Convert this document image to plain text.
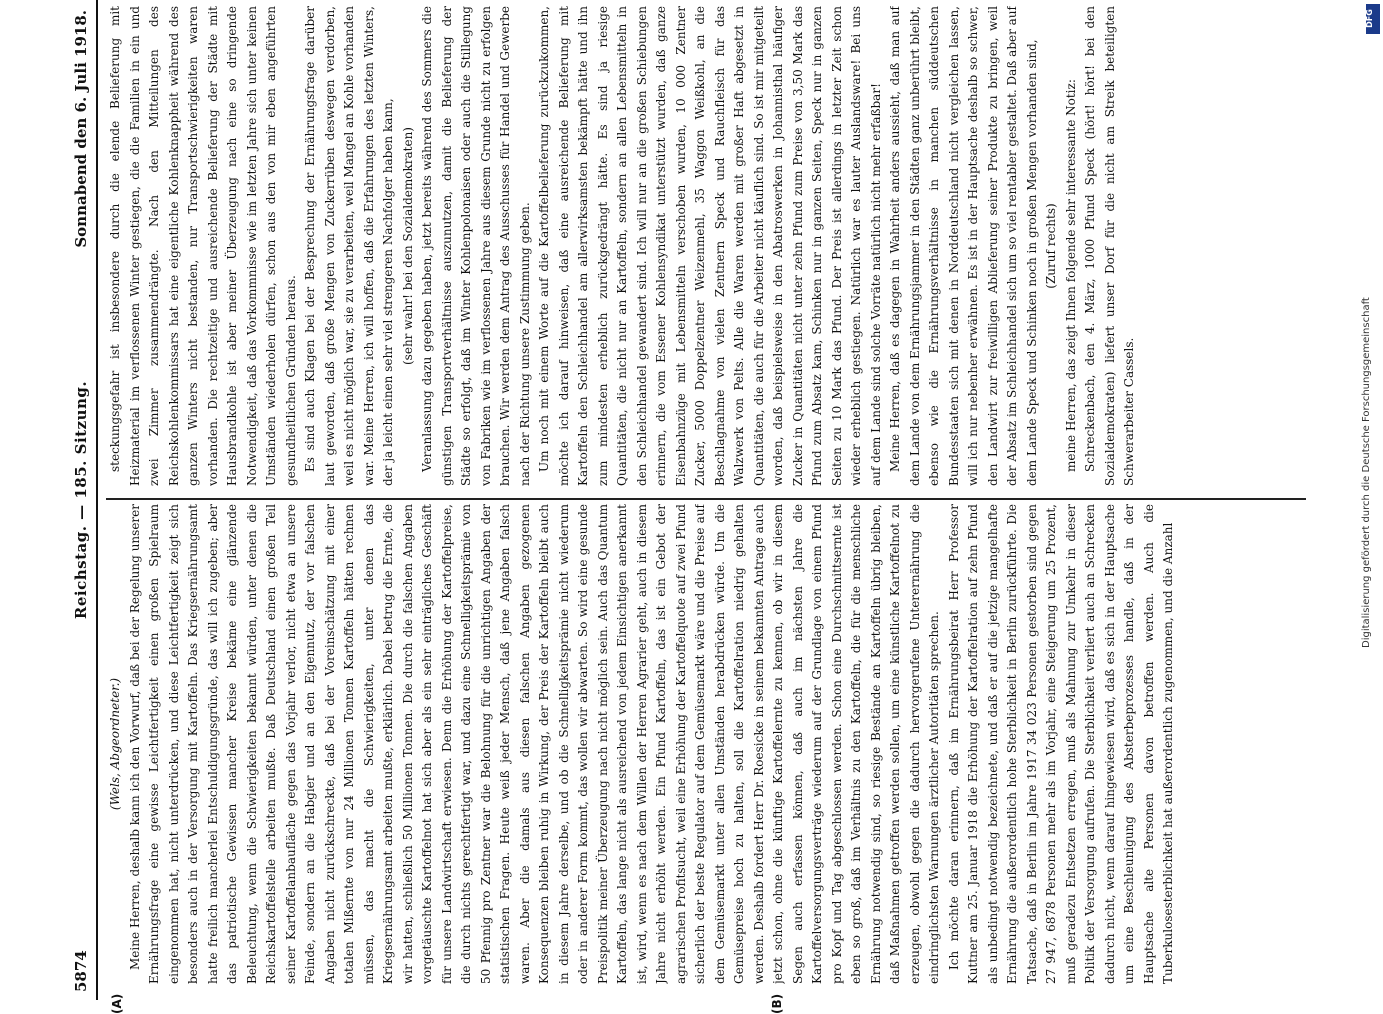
5874
Reichstag. — 185. Sitzung.
Sonnabend den 6. Juli 1918.
(A)	(B)

(Wels, Abgeordneter.) Meine Herren, deshalb kann ich den Vorwurf, daß bei der Regelung unserer Ernährungsfrage eine gewisse Leichtfertigkeit einen großen Spielraum eingenommen hat, nicht unterdrücken, und diese Leichtfertigkeit zeigt sich besonders auch in der Versorgung mit Kartoffeln. Das Kriegsernährungsamt hatte freilich mancherlei Entschuldigungsgründe, das will ich zugeben; aber das patriotische Gewissen mancher Kreise bekäme eine glänzende Beleuchtung, wenn die Schwierigkeiten bekannt würden, unter denen die Reichskartoffelstelle arbeiten mußte. Daß Deutschland einen großen Teil seiner Kartoffelanbaufläche gegen das Vorjahr verlor, nicht etwa an unsere Feinde, sondern an die Habgier und an den Eigennutz, der vor falschen Angaben nicht zurückschreckte, daß bei der Voreinschätzung mit einer totalen Mißernte von nur 24 Millionen Tonnen Kartoffeln hätten rechnen müssen, das macht die Schwierigkeiten, unter denen das Kriegsernährungsamt arbeiten mußte, erklärlich. Dabei betrug die Ernte, die wir hatten, schließlich 50 Millionen Tonnen. Die durch die falschen Angaben vorgetäuschte Kartoffelnot hat sich aber als ein sehr einträgliches Geschäft für unsere Landwirtschaft erwiesen. Denn die Erhöhung der Kartoffelpreise, die durch nichts gerechtfertigt war, und dazu eine Schnelligkeitsprämie von 50 Pfennig pro Zentner war die Belohnung für die unrichtigen Angaben der statistischen Fragen. Heute weiß jeder Mensch, daß jene Angaben falsch waren. Aber die damals aus diesen falschen Angaben gezogenen Konsequenzen bleiben ruhig in Wirkung, der Preis der Kartoffeln bleibt auch in diesem Jahre derselbe, und ob die Schnelligkeitsprämie nicht wiederum oder in anderer Form kommt, das wollen wir abwarten. So wird eine gesunde Preispolitik meiner Überzeugung nach nicht möglich sein. Auch das Quantum Kartoffeln, das lange nicht als ausreichend von jedem Einsichtigen anerkannt ist, wird, wenn es nach dem Willen der Herren Agrarier geht, auch in diesem Jahre nicht erhöht werden. Ein Pfund Kartoffeln, das ist ein Gebot der agrarischen Profitsucht, weil eine Erhöhung der Kartoffelquote auf zwei Pfund sicherlich der beste Regulator auf dem Gemüsemarkt wäre und die Preise auf dem Gemüsemarkt unter allen Umständen herabdrücken würde. Um die Gemüsepreise hoch zu halten, soll die Kartoffelration niedrig gehalten werden. Deshalb fordert Herr Dr. Roesicke in seinem bekannten Antrage auch jetzt schon, ohne die künftige Kartoffelernte zu kennen, ob wir in diesem Segen auch erfassen können, daß auch im nächsten Jahre die Kartoffelversorgungsverträge wiederum auf der Grundlage von einem Pfund pro Kopf und Tag abgeschlossen werden. Schon eine Durchschnittsernte ist eben so groß, daß im Verhältnis zu den Kartoffeln, die für die menschliche Ernährung notwendig sind, so riesige Bestände an Kartoffeln übrig bleiben, daß Maßnahmen getroffen werden sollen, um eine künstliche Kartoffelnot zu erzeugen, obwohl gegen die dadurch hervorgerufene Unterernährung die eindringlichsten Warnungen ärztlicher Autoritäten sprechen. Ich möchte daran erinnern, daß im Ernährungsbeirat Herr Professor Kuttner am 25. Januar 1918 die Erhöhung der Kartoffelration auf zehn Pfund als unbedingt notwendig bezeichnete, und daß er auf die jetzige mangelhafte Ernährung die außerordentlich hohe Sterblichkeit in Berlin zurückführte. Die Tatsache, daß in Berlin im Jahre 1917 34 023 Personen gestorben sind gegen 27 947, 6878 Personen mehr als im Vorjahr, eine Steigerung um 25 Prozent, muß geradezu Entsetzen erregen, muß als Mahnung zur Umkehr in dieser Politik der Versorgung aufrufen. Die Sterblichkeit verliert auch an Schrecken dadurch nicht, wenn darauf hingewiesen wird, daß es sich in der Hauptsache um eine Beschleunigung des Absterbeprozesses handle, daß in der Hauptsache alte Personen davon betroffen werden. Auch die Tuberkulosesterblichkeit hat außerordentlich zugenommen, und die Anzahl

steckungsgefahr ist insbesondere durch die elende Belieferung mit Heizmaterial im verflossenen Winter gestiegen, die die Familien in ein und zwei Zimmer zusammendrängte. Nach den Mitteilungen des Reichskohlenkommissars hat eine eigentliche Kohlenknappheit während des ganzen Winters nicht bestanden, nur Transportschwierigkeiten waren vorhanden. Die rechtzeitige und ausreichende Belieferung der Städte mit Hausbrandkohle ist aber meiner Überzeugung nach eine so dringende Notwendigkeit, daß das Vorkommnisse wie im letzten Jahre sich unter keinen Umständen wiederholen dürfen, schon aus den von mir eben angeführten gesundheitlichen Gründen heraus. Es sind auch Klagen bei der Besprechung der Ernährungsfrage darüber laut geworden, daß große Mengen von Zuckerrüben deswegen verdorben, weil es nicht möglich war, sie zu verarbeiten, weil Mangel an Kohle vorhanden war. Meine Herren, ich will hoffen, daß die Erfahrungen des letzten Winters, der ja leicht einen sehr viel strengeren Nachfolger haben kann, (sehr wahr! bei den Sozialdemokraten) Veranlassung dazu gegeben haben, jetzt bereits während des Sommers die günstigen Transportverhältnisse auszunutzen, damit die Belieferung der Städte so erfolgt, daß im Winter Kohlenpolonaisen oder auch die Stillegung von Fabriken wie im verflossenen Jahre aus diesem Grunde nicht zu erfolgen brauchen. Wir werden dem Antrag des Ausschusses für Handel und Gewerbe nach der Richtung unsere Zustimmung geben. Um noch mit einem Worte auf die Kartoffelbelieferung zurückzukommen, möchte ich darauf hinweisen, daß eine ausreichende Belieferung mit Kartoffeln den Schleichhandel am allerwirksamsten bekämpft hätte und ihn zum mindesten erheblich zurückgedrängt hätte. Es sind ja riesige Quantitäten, die nicht nur an Kartoffeln, sondern an allen Lebensmitteln in den Schleichhandel gewandert sind. Ich will nur an die großen Schiebungen erinnern, die vom Essener Kohlensyndikat unterstützt wurden, daß ganze Eisenbahnzüge mit Lebensmitteln verschoben wurden, 10 000 Zentner Zucker, 5000 Doppelzentner Weizenmehl, 35 Waggon Weißkohl, an die Beschlagnahme von vielen Zentnern Speck und Rauchfleisch für das Walzwerk von Pelts. Alle die Waren werden mit großer Haft abgesetzt in Quantitäten, die auch für die Arbeiter nicht käuflich sind. So ist mir mitgeteilt worden, daß beispielsweise in den Abatroswerken in Johannisthal häufiger Zucker in Quantitäten nicht unter zehn Pfund zum Preise von 3,50 Mark das Pfund zum Absatz kam, Schinken nur in ganzen Seiten, Speck nur in ganzen Seiten zu 10 Mark das Pfund. Der Preis ist allerdings in letzter Zeit schon wieder erheblich gestiegen. Natürlich war es lauter Auslandsware! Bei uns auf dem Lande sind solche Vorräte natürlich nicht mehr erfaßbar! Meine Herren, daß es dagegen in Wahrheit anders aussieht, daß man auf dem Lande von dem Ernährungsjammer in den Städten ganz unberührt bleibt, ebenso wie die Ernährungsverhältnisse in manchen süddeutschen Bundesstaaten sich mit denen in Norddeutschland nicht vergleichen lassen, will ich nur nebenher erwähnen. Es ist in der Hauptsache deshalb so schwer, den Landwirt zur freiwilligen Ablieferung seiner Produkte zu bringen, weil der Absatz im Schleichhandel sich um so viel rentabler gestaltet. Daß aber auf dem Lande Speck und Schinken noch in großen Mengen vorhanden sind, (Zuruf rechts) meine Herren, das zeigt Ihnen folgende sehr interessante Notiz: Schreckenbach, den 4. März, 1000 Pfund Speck (hört! hört! bei den Sozialdemokraten) liefert unser Dorf für die nicht am Streik beteiligten Schwerarbeiter Cassels.	Digitalisierung gefördert durch die Deutsche Forschungsgemeinschaft
DFG
